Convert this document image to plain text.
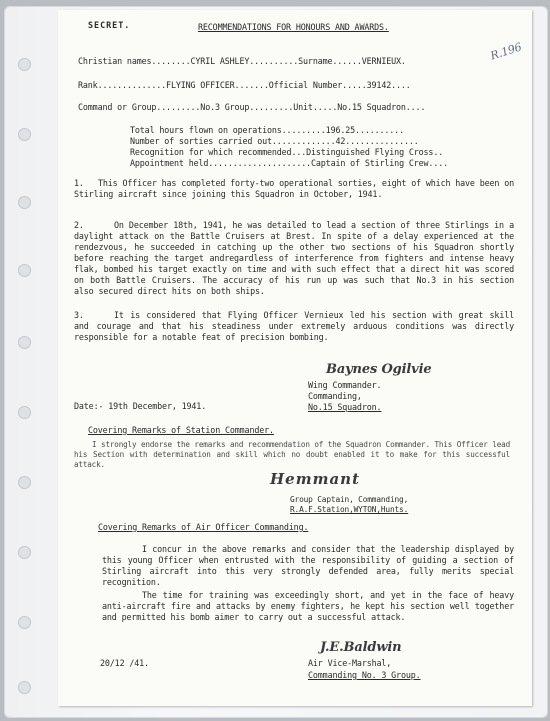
SECRET.	RECOMMENDATIONS FOR HONOURS AND AWARDS.
Christian names........CYRIL ASHLEY..........Surname......VERNIEUX.	R.196
Rank..............FLYING OFFICER.......Official Number.....39142....
Command or Group.........No.3 Group.........Unit.....No.15 Squadron....
Total hours flown on operations.........196.25..........
Number of sorties carried out.............42...............
Recognition for which recommended...Distinguished Flying Cross..
Appointment held.....................Captain of Stirling Crew....
1.	This Officer has completed forty-two operational sorties, eight of which have been on Stirling aircraft since joining this Squadron in October, 1941.
2.	On December 18th, 1941, he was detailed to lead a section of three Stirlings in a daylight attack on the Battle Cruisers at Brest. In spite of a delay experienced at the rendezvous, he succeeded in catching up the other two sections of his Squadron shortly before reaching the target andregardless of interference from fighters and intense heavy flak, bombed his target exactly on time and with such effect that a direct hit was scored on both Battle Cruisers. The accuracy of his run up was such that No.3 in his section also secured direct hits on both ships.
3.	It is considered that Flying Officer Vernieux led his section with great skill and courage and that his steadiness under extremely arduous conditions was directly responsible for a notable feat of precision bombing.
Baynes Ogilvie
Wing Commander.
Commanding,
No.15 Squadron.
Date:- 19th December, 1941.
Covering Remarks of Station Commander.
I strongly endorse the remarks and recommendation of the Squadron Commander. This Officer lead his Section with determination and skill which no doubt enabled it to make for this successful attack.
Hemmant
Group Captain, Commanding,
R.A.F.Station,WYTON,Hunts.
Covering Remarks of Air Officer Commanding.
I concur in the above remarks and consider that the leadership displayed by this young Officer when entrusted with the responsibility of guiding a section of Stirling aircraft into this very strongly defended area, fully merits special recognition.
The time for training was exceedingly short, and yet in the face of heavy anti-aircraft fire and attacks by enemy fighters, he kept his section well together and permitted his bomb aimer to carry out a successful attack.
J.E.Baldwin
20/12 /41.	Air Vice-Marshal,
Commanding No. 3 Group.
